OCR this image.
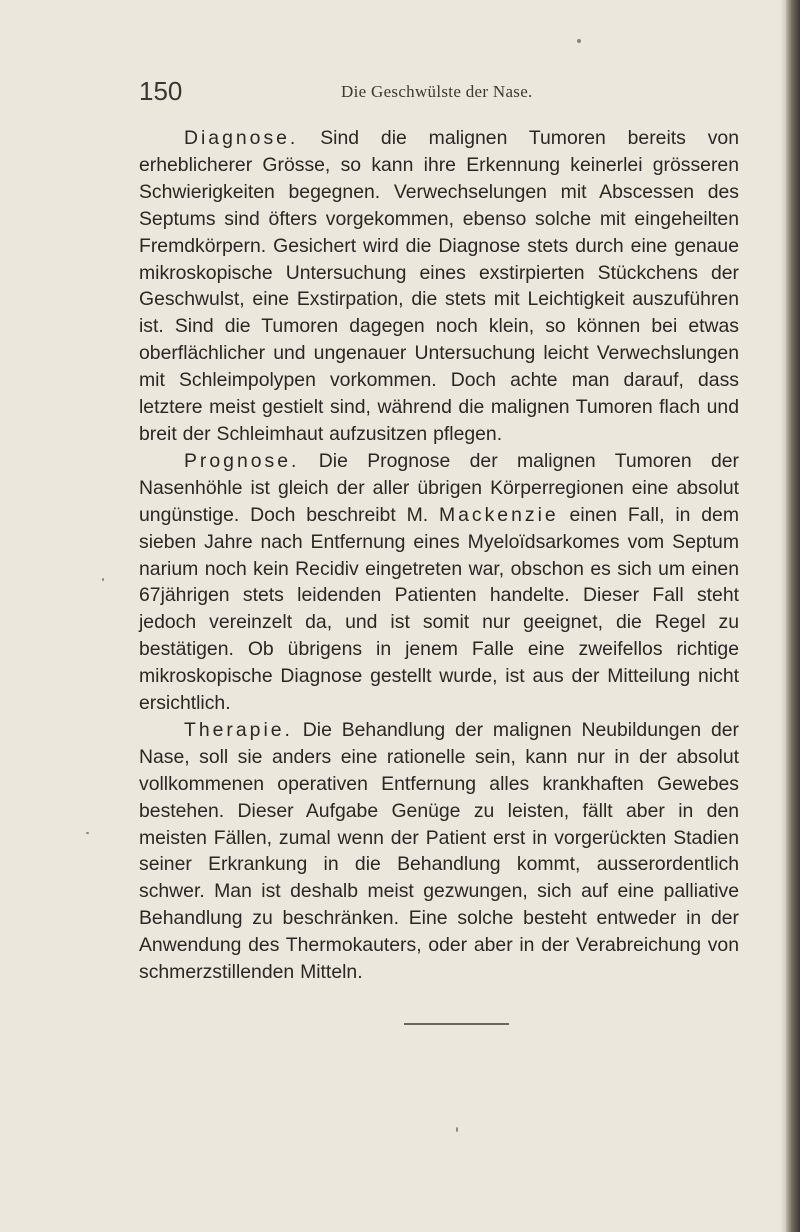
150	Die Geschwülste der Nase.

Diagnose. Sind die malignen Tumoren bereits von erheblicherer Grösse, so kann ihre Erkennung keinerlei grösseren Schwierigkeiten begegnen. Verwechselungen mit Abscessen des Septums sind öfters vorgekommen, ebenso solche mit eingeheilten Fremdkörpern. Gesichert wird die Diagnose stets durch eine genaue mikroskopische Untersuchung eines exstirpierten Stückchens der Geschwulst, eine Exstirpation, die stets mit Leichtigkeit auszuführen ist. Sind die Tumoren dagegen noch klein, so können bei etwas oberflächlicher und ungenauer Untersuchung leicht Verwechslungen mit Schleimpolypen vorkommen. Doch achte man darauf, dass letztere meist gestielt sind, während die malignen Tumoren flach und breit der Schleimhaut aufzusitzen pflegen.

Prognose. Die Prognose der malignen Tumoren der Nasenhöhle ist gleich der aller übrigen Körperregionen eine absolut ungünstige. Doch beschreibt M. Mackenzie einen Fall, in dem sieben Jahre nach Entfernung eines Myeloïdsarkomes vom Septum narium noch kein Recidiv eingetreten war, obschon es sich um einen 67jährigen stets leidenden Patienten handelte. Dieser Fall steht jedoch vereinzelt da, und ist somit nur geeignet, die Regel zu bestätigen. Ob übrigens in jenem Falle eine zweifellos richtige mikroskopische Diagnose gestellt wurde, ist aus der Mitteilung nicht ersichtlich.

Therapie. Die Behandlung der malignen Neubildungen der Nase, soll sie anders eine rationelle sein, kann nur in der absolut vollkommenen operativen Entfernung alles krankhaften Gewebes bestehen. Dieser Aufgabe Genüge zu leisten, fällt aber in den meisten Fällen, zumal wenn der Patient erst in vorgerückten Stadien seiner Erkrankung in die Behandlung kommt, ausserordentlich schwer. Man ist deshalb meist gezwungen, sich auf eine palliative Behandlung zu beschränken. Eine solche besteht entweder in der Anwendung des Thermokauters, oder aber in der Verabreichung von schmerzstillenden Mitteln.
